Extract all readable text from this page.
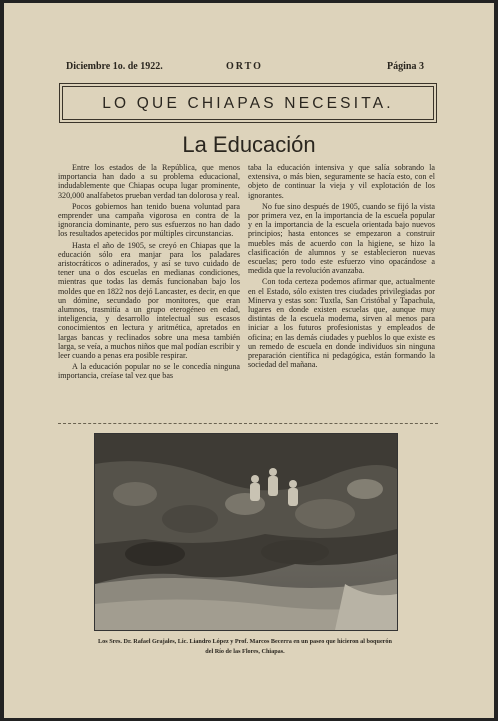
Diciembre 1o. de 1922.	ORTO	Página 3
LO QUE CHIAPAS NECESITA.
La Educación

Entre los estados de la República, que menos importancia han dado a su problema educacional, indudablemente que Chiapas ocupa lugar prominente, 320,000 analfabetos prueban verdad tan dolorosa y real.

Pocos gobiernos han tenido buena voluntad para emprender una campaña vigorosa en contra de la ignorancia dominante, pero sus esfuerzos no han dado los resultados apetecidos por múltiples circunstancias.

Hasta el año de 1905, se creyó en Chiapas que la educación sólo era manjar para los paladares aristocráticos o adinerados, y así se tuvo cuidado de tener una o dos escuelas en medianas condiciones, mientras que todas las demás funcionaban bajo los moldes que en 1822 nos dejó Lancaster, es decir, en que un dómine, secundado por monitores, que eran alumnos, trasmitía a un grupo eterogéneo en edad, inteligencia, y desarrollo intelectual sus escasos conocimientos en lectura y aritmética, apretados en largas bancas y reclinados sobre una mesa también larga, se veía, a muchos niños que mal podían escribir y leer cuando a penas era posible respirar.

A la educación popular no se le concedía ninguna importancia, creíase tal vez que bas

taba la educación intensiva y que salía sobrando la extensiva, o más bien, seguramente se hacía esto, con el objeto de continuar la vieja y vil explotación de los ignorantes.

No fue sino después de 1905, cuando se fijó la vista por primera vez, en la importancia de la escuela popular y en la importancia de la escuela orientada bajo nuevos principios; hasta entonces se empezaron a construir muebles más de acuerdo con la higiene, se hizo la clasificación de alumnos y se establecieron nuevas escuelas; pero todo este esfuerzo vino opacándose a medida que la revolución avanzaba.

Con toda certeza podemos afirmar que, actualmente en el Estado, sólo existen tres ciudades privilegiadas por Minerva y estas son: Tuxtla, San Cristóbal y Tapachula, lugares en donde existen escuelas que, aunque muy distintas de la escuela moderna, sirven al menos para iniciar a los futuros profesionistas y empleados de oficina; en las demás ciudades y pueblos lo que existe es un remedo de escuela en donde individuos sin ninguna preparación científica ni pedagógica, están formando la sociedad del mañana.

Los Sres. Dr. Rafael Grajales, Lic. Liandro López y Prof. Marcos Becerra en un paseo que hicieron al boquerón del Río de las Flores, Chiapas.
